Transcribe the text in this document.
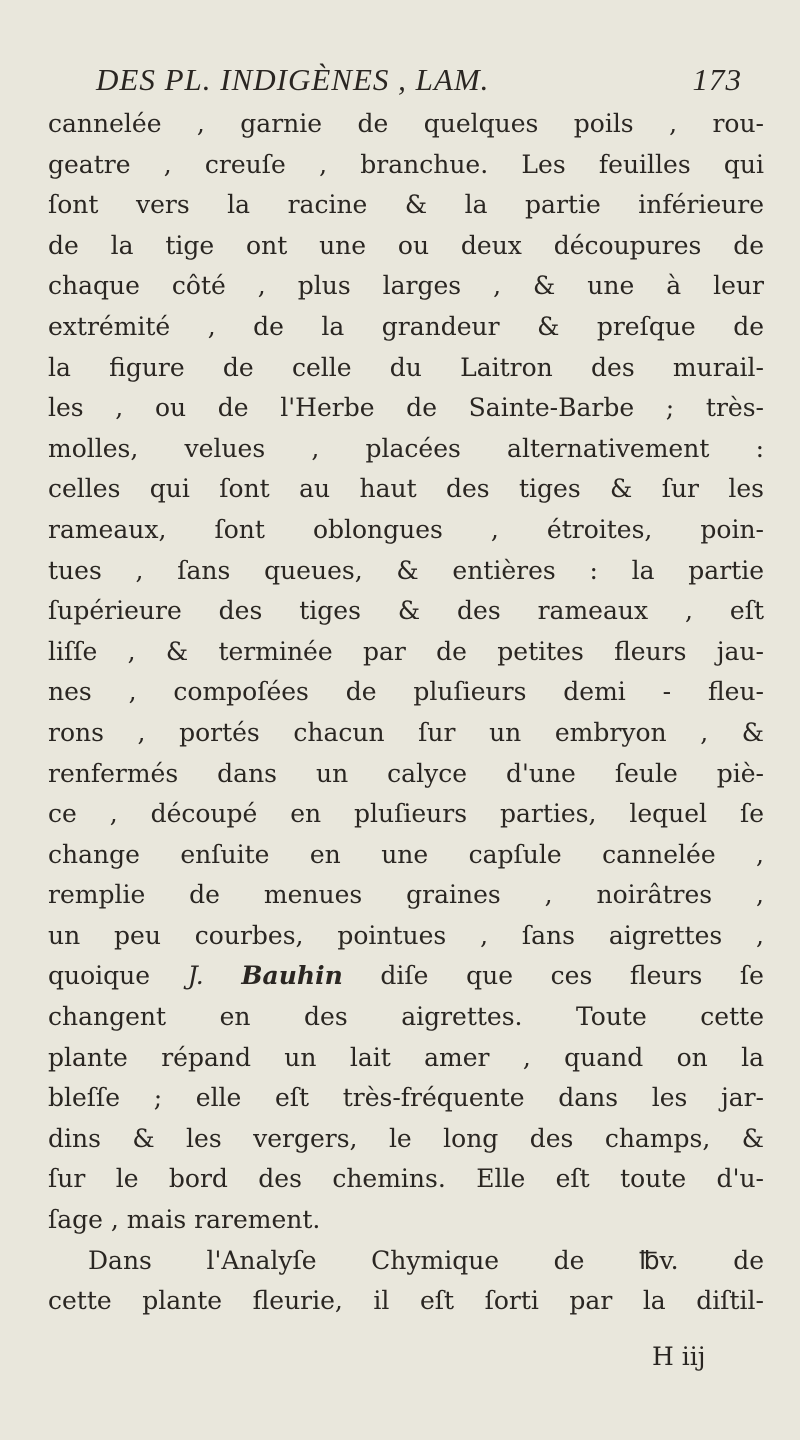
DES PL. INDIGÈNES , LAM.	173
cannelée , garnie de quelques poils , rou-
geatre , creuſe , branchue. Les feuilles qui
ſont vers la racine & la partie inférieure
de la tige ont une ou deux découpures de
chaque côté , plus larges , & une à leur
extrémité , de la grandeur & preſque de
la figure de celle du Laitron des murail-
les , ou de l'Herbe de Sainte-Barbe ; très-
molles, velues , placées alternativement :
celles qui ſont au haut des tiges & ſur les
rameaux, ſont oblongues , étroites, poin-
tues , ſans queues, & entières : la partie
ſupérieure des tiges & des rameaux , eſt
liſſe , & terminée par de petites fleurs jau-
nes , compoſées de pluſieurs demi - fleu-
rons , portés chacun ſur un embryon , &
renfermés dans un calyce d'une ſeule piè-
ce , découpé en pluſieurs parties, lequel ſe
change enſuite en une capſule cannelée ,
remplie de menues graines , noirâtres ,
un peu courbes, pointues , ſans aigrettes ,
quoique J. Bauhin diſe que ces fleurs ſe
changent en des aigrettes. Toute cette
plante répand un lait amer , quand on la
bleſſe ; elle eſt très-fréquente dans les jar-
dins & les vergers, le long des champs, &
ſur le bord des chemins. Elle eſt toute d'u-
ſage , mais rarement.
Dans l'Analyſe Chymique de ℔v. de
cette plante fleurie, il eſt ſorti par la diſtil-
H iij
